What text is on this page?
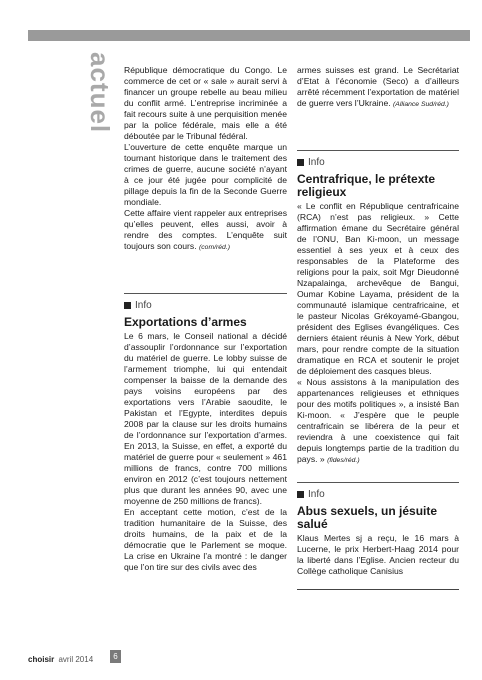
actuel République démocratique du Congo. Le commerce de cet or « sale » aurait servi à financer un groupe rebelle au beau milieu du conflit armé. L’entreprise incriminée a fait recours suite à une perquisition menée par la police fédérale, mais elle a été déboutée par le Tribunal fédéral.

L’ouverture de cette enquête marque un tournant historique dans le traitement des crimes de guerre, aucune société n’ayant à ce jour été jugée pour complicité de pillage depuis la fin de la Seconde Guerre mondiale.

Cette affaire vient rappeler aux entreprises qu’elles peuvent, elles aussi, avoir à rendre des comptes. L’enquête suit toujours son cours. (com/réd.)

Info
Exportations d’armes

Le 6 mars, le Conseil national a décidé d’assouplir l’ordonnance sur l’exportation du matériel de guerre. Le lobby suisse de l’armement triomphe, lui qui entendait compenser la baisse de la demande des pays voisins européens par des exportations vers l’Arabie saoudite, le Pakistan et l’Egypte, interdites depuis 2008 par la clause sur les droits humains de l’ordonnance sur l’exportation d’armes. En 2013, la Suisse, en effet, a exporté du matériel de guerre pour « seulement » 461 millions de francs, contre 700 millions environ en 2012 (c’est toujours nettement plus que durant les années 90, avec une moyenne de 250 millions de francs).

En acceptant cette motion, c’est de la tradition humanitaire de la Suisse, des droits humains, de la paix et de la démocratie que le Parlement se moque. La crise en Ukraine l’a montré : le danger que l’on tire sur des civils avec des

armes suisses est grand. Le Secrétariat d’Etat à l’économie (Seco) a d’ailleurs arrêté récemment l’exportation de matériel de guerre vers l’Ukraine. (Alliance Sud/réd.)

Info
Centrafrique, le prétexte religieux

« Le conflit en République centrafricaine (RCA) n’est pas religieux. » Cette affirmation émane du Secrétaire général de l’ONU, Ban Ki-moon, un message essentiel à ses yeux et à ceux des responsables de la Plateforme des religions pour la paix, soit Mgr Dieudonné Nzapalainga, archevêque de Bangui, Oumar Kobine Layama, président de la communauté islamique centrafricaine, et le pasteur Nicolas Grékoyamé-Gbangou, président des Eglises évangéliques. Ces derniers étaient réunis à New York, début mars, pour rendre compte de la situation dramatique en RCA et soutenir le projet de déploiement des casques bleus.

« Nous assistons à la manipulation des appartenances religieuses et ethniques pour des motifs politiques », a insisté Ban Ki-moon. « J’espère que le peuple centrafricain se libérera de la peur et reviendra à une coexistence qui fait depuis longtemps partie de la tradition du pays. » (fides/réd.)

Info
Abus sexuels, un jésuite salué

Klaus Mertes sj a reçu, le 16 mars à Lucerne, le prix Herbert-Haag 2014 pour la liberté dans l’Eglise. Ancien recteur du Collège catholique Canisius

choisir avril 2014	6
